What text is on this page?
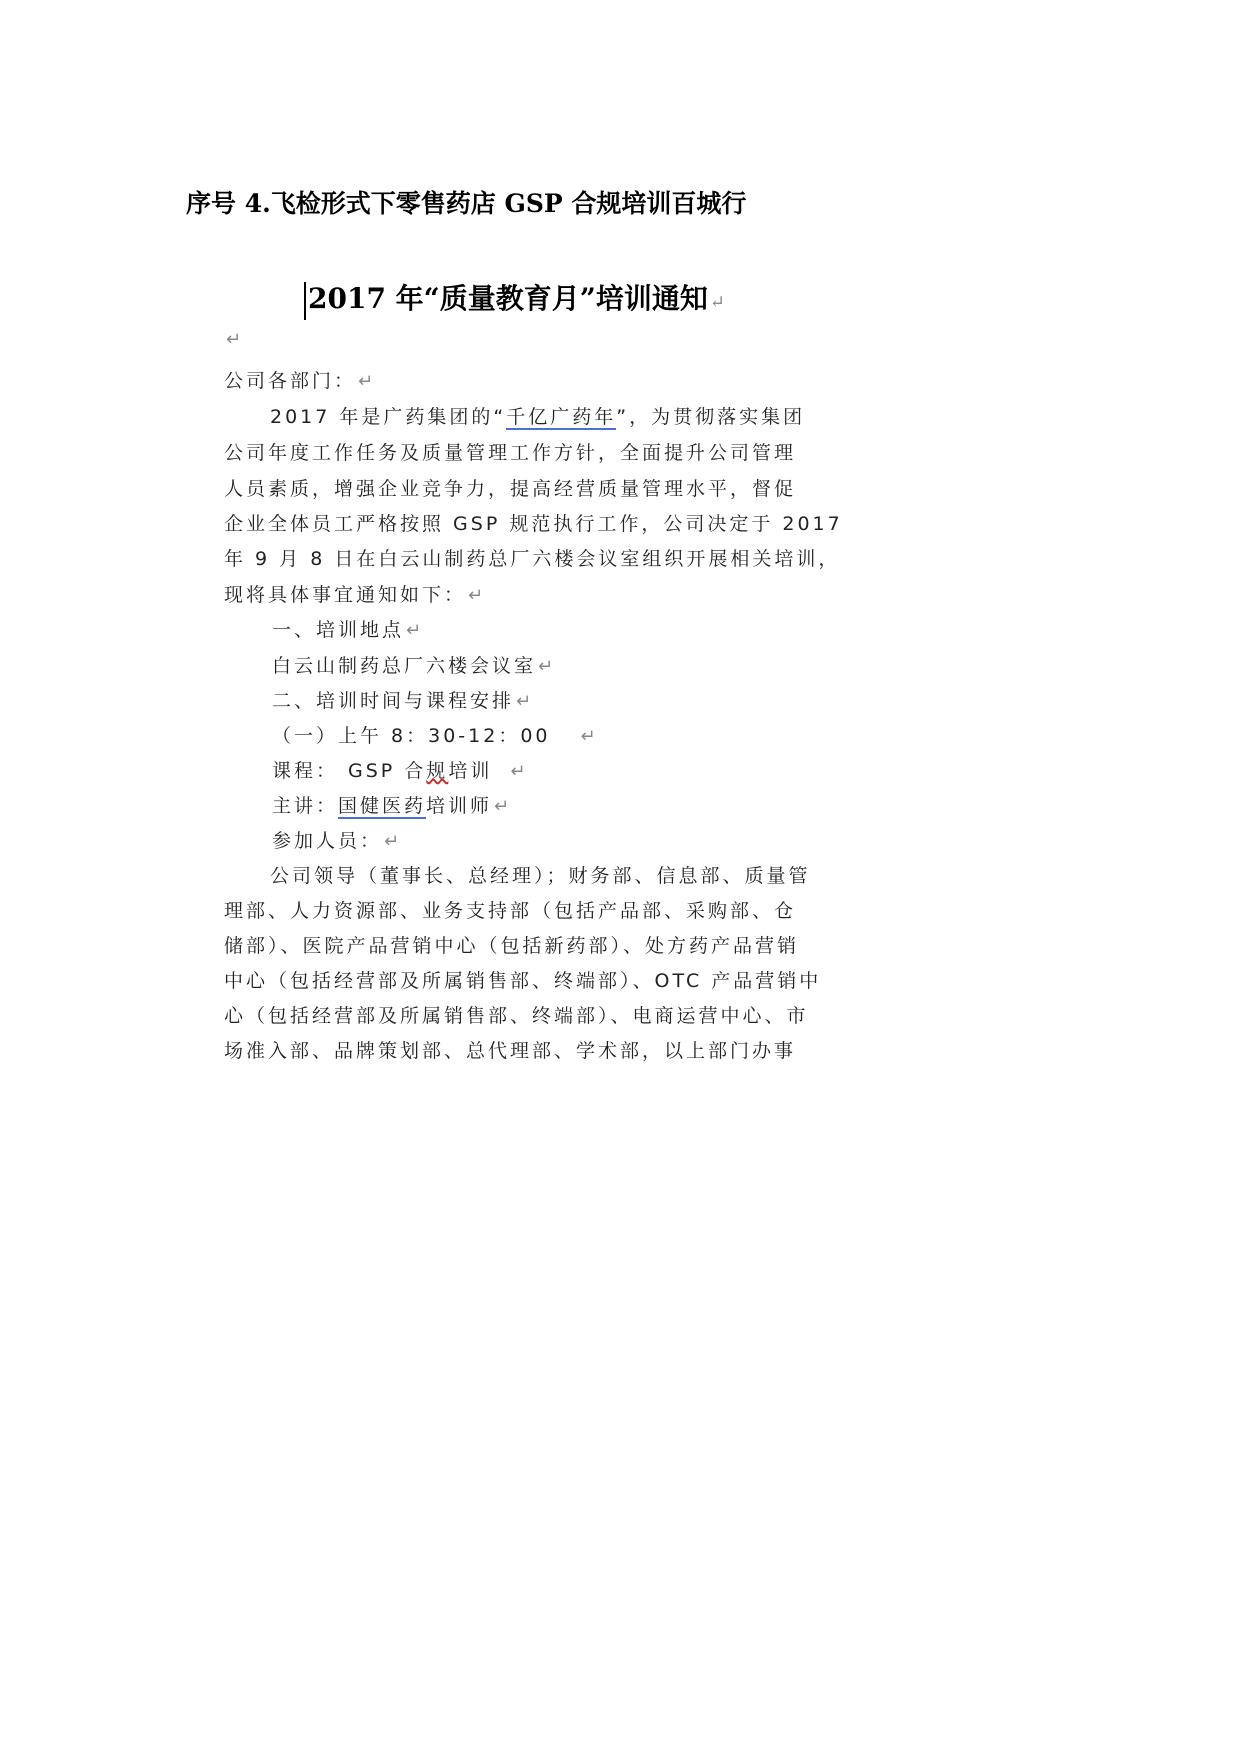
序号 4.飞检形式下零售药店 GSP 合规培训百城行
2017 年“质量教育月”培训通知 ↵
↵
公司各部门： ↵
2017 年是广药集团的“千亿广药年”，为贯彻落实集团
公司年度工作任务及质量管理工作方针，全面提升公司管理
人员素质，增强企业竞争力，提高经营质量管理水平，督促
企业全体员工严格按照 GSP 规范执行工作，公司决定于 2017
年 9 月 8 日在白云山制药总厂六楼会议室组织开展相关培训，
现将具体事宜通知如下： ↵
一、培训地点 ↵
白云山制药总厂六楼会议室 ↵
二、培训时间与课程安排 ↵
（一）上午 8：30-12：00 ↵
课程： GSP 合规培训 ↵
主讲：国健医药培训师 ↵
参加人员： ↵
公司领导（董事长、总经理）；财务部、信息部、质量管
理部、人力资源部、业务支持部（包括产品部、采购部、仓
储部）、医院产品营销中心（包括新药部）、处方药产品营销
中心（包括经营部及所属销售部、终端部）、OTC 产品营销中
心（包括经营部及所属销售部、终端部）、电商运营中心、市
场准入部、品牌策划部、总代理部、学术部，以上部门办事
